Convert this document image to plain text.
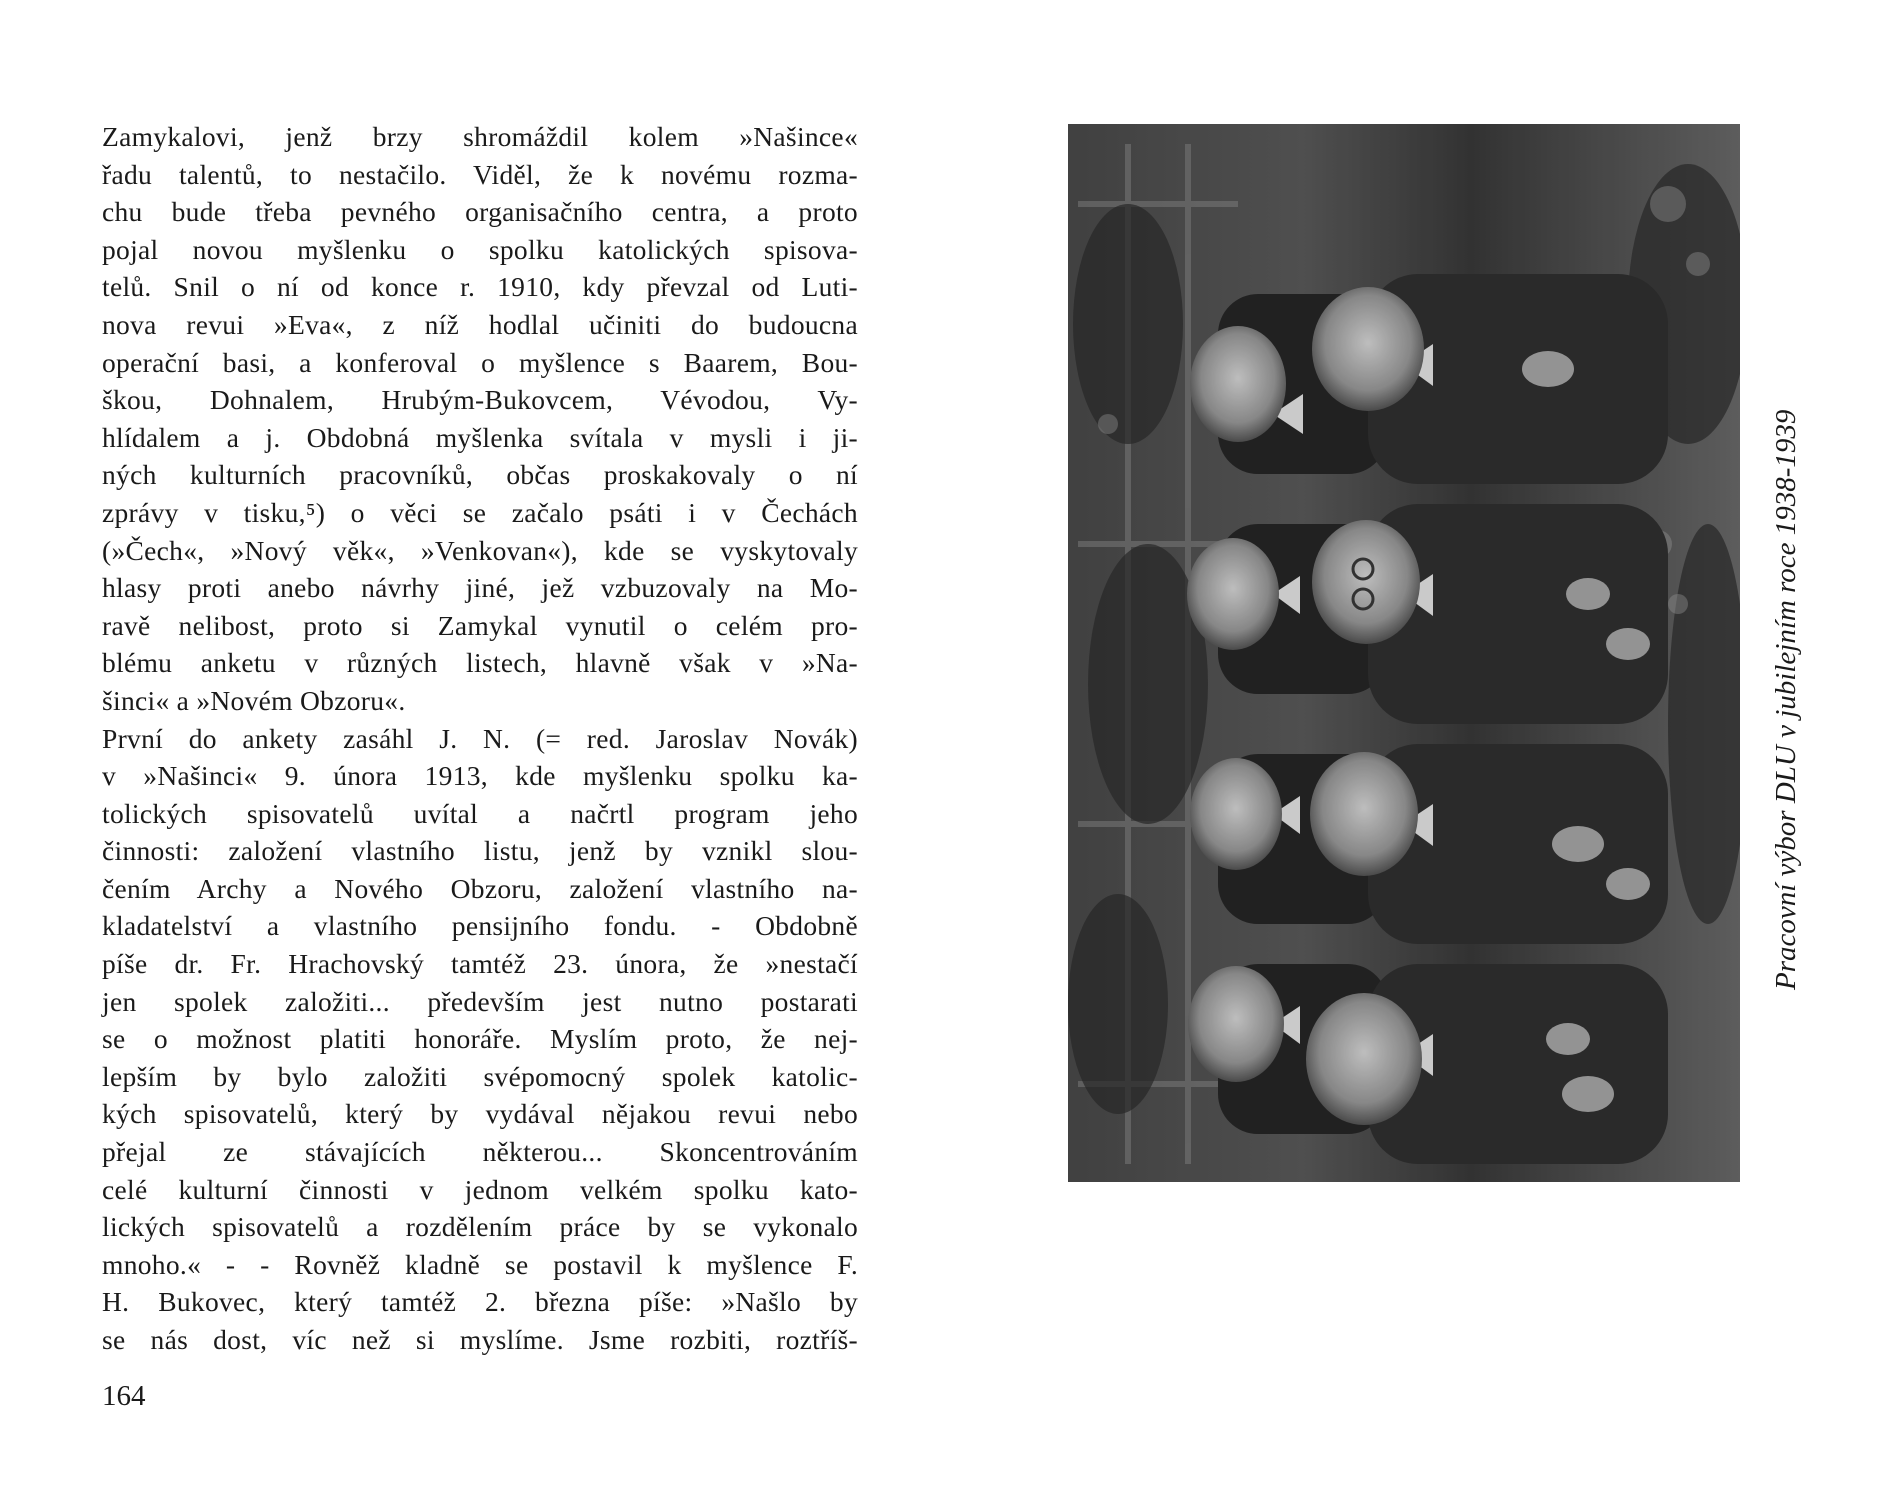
Zamykalovi, jenž brzy shromáždil kolem »Našince«
řadu talentů, to nestačilo. Viděl, že k novému rozma-
chu bude třeba pevného organisačního centra, a proto
pojal novou myšlenku o spolku katolických spisova-
telů. Snil o ní od konce r. 1910, kdy převzal od Luti-
nova revui »Eva«, z níž hodlal učiniti do budoucna
operační basi, a konferoval o myšlence s Baarem, Bou-
škou, Dohnalem, Hrubým-Bukovcem, Vévodou, Vy-
hlídalem a j. Obdobná myšlenka svítala v mysli i ji-
ných kulturních pracovníků, občas proskakovaly o ní
zprávy v tisku,⁵) o věci se začalo psáti i v Čechách
(»Čech«, »Nový věk«, »Venkovan«), kde se vyskytovaly
hlasy proti anebo návrhy jiné, jež vzbuzovaly na Mo-
ravě nelibost, proto si Zamykal vynutil o celém pro-
blému anketu v různých listech, hlavně však v »Na-
šinci« a »Novém Obzoru«.
První do ankety zasáhl J. N. (= red. Jaroslav Novák)
v »Našinci« 9. února 1913, kde myšlenku spolku ka-
tolických spisovatelů uvítal a načrtl program jeho
činnosti: založení vlastního listu, jenž by vznikl slou-
čením Archy a Nového Obzoru, založení vlastního na-
kladatelství a vlastního pensijního fondu. - Obdobně
píše dr. Fr. Hrachovský tamtéž 23. února, že »nestačí
jen spolek založiti... především jest nutno postarati
se o možnost platiti honoráře. Myslím proto, že nej-
lepším by bylo založiti svépomocný spolek katolic-
kých spisovatelů, který by vydával nějakou revui nebo
přejal ze stávajících některou... Skoncentrováním
celé kulturní činnosti v jednom velkém spolku kato-
lických spisovatelů a rozdělením práce by se vykonalo
mnoho.« - - Rovněž kladně se postavil k myšlence F.
H. Bukovec, který tamtéž 2. března píše: »Našlo by
se nás dost, víc než si myslíme. Jsme rozbiti, roztříš-
164
Pracovní výbor DLU v jubilejním roce 1938-1939
